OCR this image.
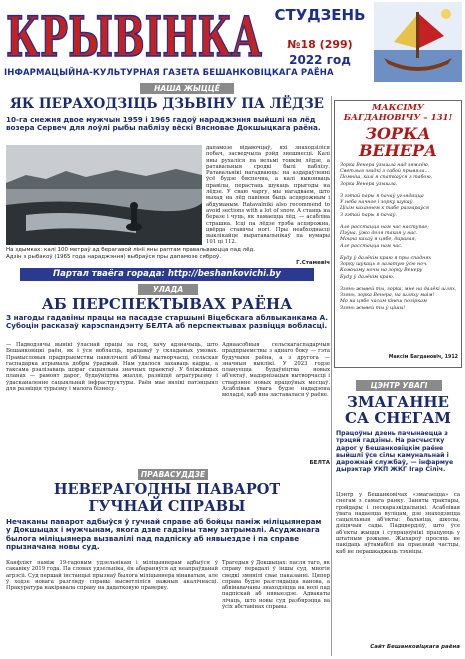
КРЫВІНКА СТУДЗЕНЬ
№18 (299)
2022 год
ІНФАРМАЦЫЙНА-КУЛЬТУРНАЯ ГАЗЕТА БЕШАНКОВІЦКАГА РАЁНА
НАША ЖЫЦЦЁ
ЯК ПЕРАХОДЗІЦЬ ДЗЬВІНУ ПА ЛЁДЗЕ
10-га снежня двое мужчын 1959 і 1965 гадоў нараджэння выйшлі на лёд возера Сервеч для лоўлі рыбы паблізу вёскі Вясновае Докшыцкага раёна.
дапамозе відавочцаў, яхі знаходзіліся побач, засведчыла рэйд знешнесці. Калі яны рухаліся па вельмі тонкім лёдзе, а ратавальныя сродкі былі паблізу. Ратавальнікі нагадваюць: на аздараўленні ўсё будзе бяспечна, а калі выконваць правілы, перастаць шукаць прыгоды на лёдзе. У сваю чаргу, мы нагадваем, што выхад на лёд павінен быць асцярожным і абдуманым. Ratavalniki also recommend to avoid sections with a lot of snow. А стаяць на беразе і чуць, як ламаецца лёд, — асабліва страшна. Ісці па лёдзе трэба асцярожна, цвёрда ставячы ногі. Пры неабходнасці выклікайце выратавальнікаў па нумары 101 ці 112.
На здымках: калі 100 метраў ад берагавой лініі яны раптам правальваюцца пад лёд. Адзін з рыбакоў (1965 года нараджэння) выбраўся пры дапамозе сяброў.
Г.Стамевіч
Партал тваёга горада: http://beshankovichi.by
УЛАДА
АБ ПЕРСПЕКТЫВАХ РАЁНА
З нагоды гадавіны працы на пасадзе старшыні Віцебскага аблвыканкама А. Субоцін расказаў карэспандэнту БЕЛТА аб перспектывах развіцця вобласці.
— Падводзячы вынікі ўласнай працы за год, хачу адзначыць, што Бешанковіцкі раён, як і ўся вобласць, працаваў у складаных умовах. Прамысловыя прадпрыемствы павялічылі аб'ёмы вытворчасці, сельская гаспадарка атрымала добры ўраджай. Нам удалося захаваць кадры, а таксама рэалізаваць шэраг сацыяльна значных праектаў. У бліжэйшых планах — рамонт дарог, будаўніцтва жылля, развіццё агратурызму і ўдасканаленне сацыяльнай інфраструктуры. Раён мае вялікі патэнцыял для развіцця турызму і малога бізнесу.
Аднаасобныя сельскагаспадарчыя прадпрыемствы з аднаго боку — гэта будучыня раёна, а з другога — значныя выклікі. У 2023 годзе плануецца будаўніцтва новых аб'ектаў, мадэрнізацыя вытворчасці і стварэнне новых працоўных месцаў. Асаблівая ўвага будзе нададзена моладзі, каб яна заставалася ў раёне.
БЕЛТА
ПРАВАСУДДЗЕ
НЕВЕРАГОДНЫ ПАВАРОТ
ГУЧНАЙ СПРАВЫ
Нечаканы паварот адбыўся ў гучнай справе аб бойцы паміж міліцыянерам у Докшыцах і мужчынам, якога дзве гадзіны таму затрымалі. Асуджанага былога міліцыянера вызвалілі пад падпіску аб нявыездзе і па справе прызначана новы суд.
Канфлікт паміж 19-гадовым удзельнікам і міліцыянерам адбыўся ў сакавіку 2019 года. Па словах удзельніка, ён абараняўся ад неапраўданай агрэсіі. Суд першай інстанцыі прызнаў былога міліцыянера вінаватым, але ў ходзе новага разгляду справы высветліліся важныя акалічнасці. Пракуратура накіравала справу на дадатковую праверку.
Трагедыя ў Докшыцах: пасля таго, як справу перадалі ў іншы суд, многія сведкі змянілі свае паказанні. Цяпер справа будзе разглядацца нанова, а абвінавачаны знаходзіцца на волі пад падпіскай аб нявыездзе. Адвакаты лічаць, што новы суд разбярэцца ва ўсіх абставінах справы.
МАКСІМУ
БАГДАНОВІЧУ – 131!
ЗОРКА
ВЕНЕРА
Зорка Венера ўзышла над зямлёю,
Светлыя згадкі з сабой прывяла...
Помніш, калі я спаткаўся з табою,
Зорка Венера ўзышла.

З гэтай пары я пачаў углядацца
У неба начное і зорку шукаў.
Ціхім каханнем к табе разгараўся
З гэтай пары я пачаў.

Але расстацца нам час наступае;
Пэўна, ўжо доля такая у нас.
Моцна кахаў я цябе, дарагая,
Але расстацца нам час.

Буду ў далёкім краю я пры спаднях
Зорку шукаць я залатую ўсю ноч.
Кожнаму ночы на зорку Венеру
Буду ў далёкім краю.

Ззянь жывей ты, зорка, мне на далёкі шлях,
Ззянь, зорка Венера, на шляху маім!
Мо на цябе часам кінеш позіркам
Ззянь жывей ты ў цішы!
Максім Багдановіч, 1912
ЦЭНТР УВАГІ
ЗМАГАННЕ
СА СНЕГАМ
Працоўны дзень пачынаецца з трэцяй гадзіны. На расчыстку дарог у Бешанковіцкім раёне выйшлі ўсе сілы камунальнай і дарожнай службаў, — інфармуе дырэктар УКП ЖКГ Ігар Сіліч.
Цэнтр у Бешанковічах «змагаецца» са снегам з самага ранку. Заняты трактары, грэйдары і пескаразкідальнікі. Асаблівая ўвага надаецца вуліцам, дзе знаходзяцца сацыяльныя аб'екты: бальніца, школы, дзіцячыя сады. Падцвердзіў, што ўсе аб'екты жыцця і супрацоўнікі працуюць у штатным рэжыме. Жыхароў просяць не пакідаць аўтамабілі на праезнай частцы, каб не перашкаджаць тэхніцы.
Сайт Бешанковіцкага раёна
